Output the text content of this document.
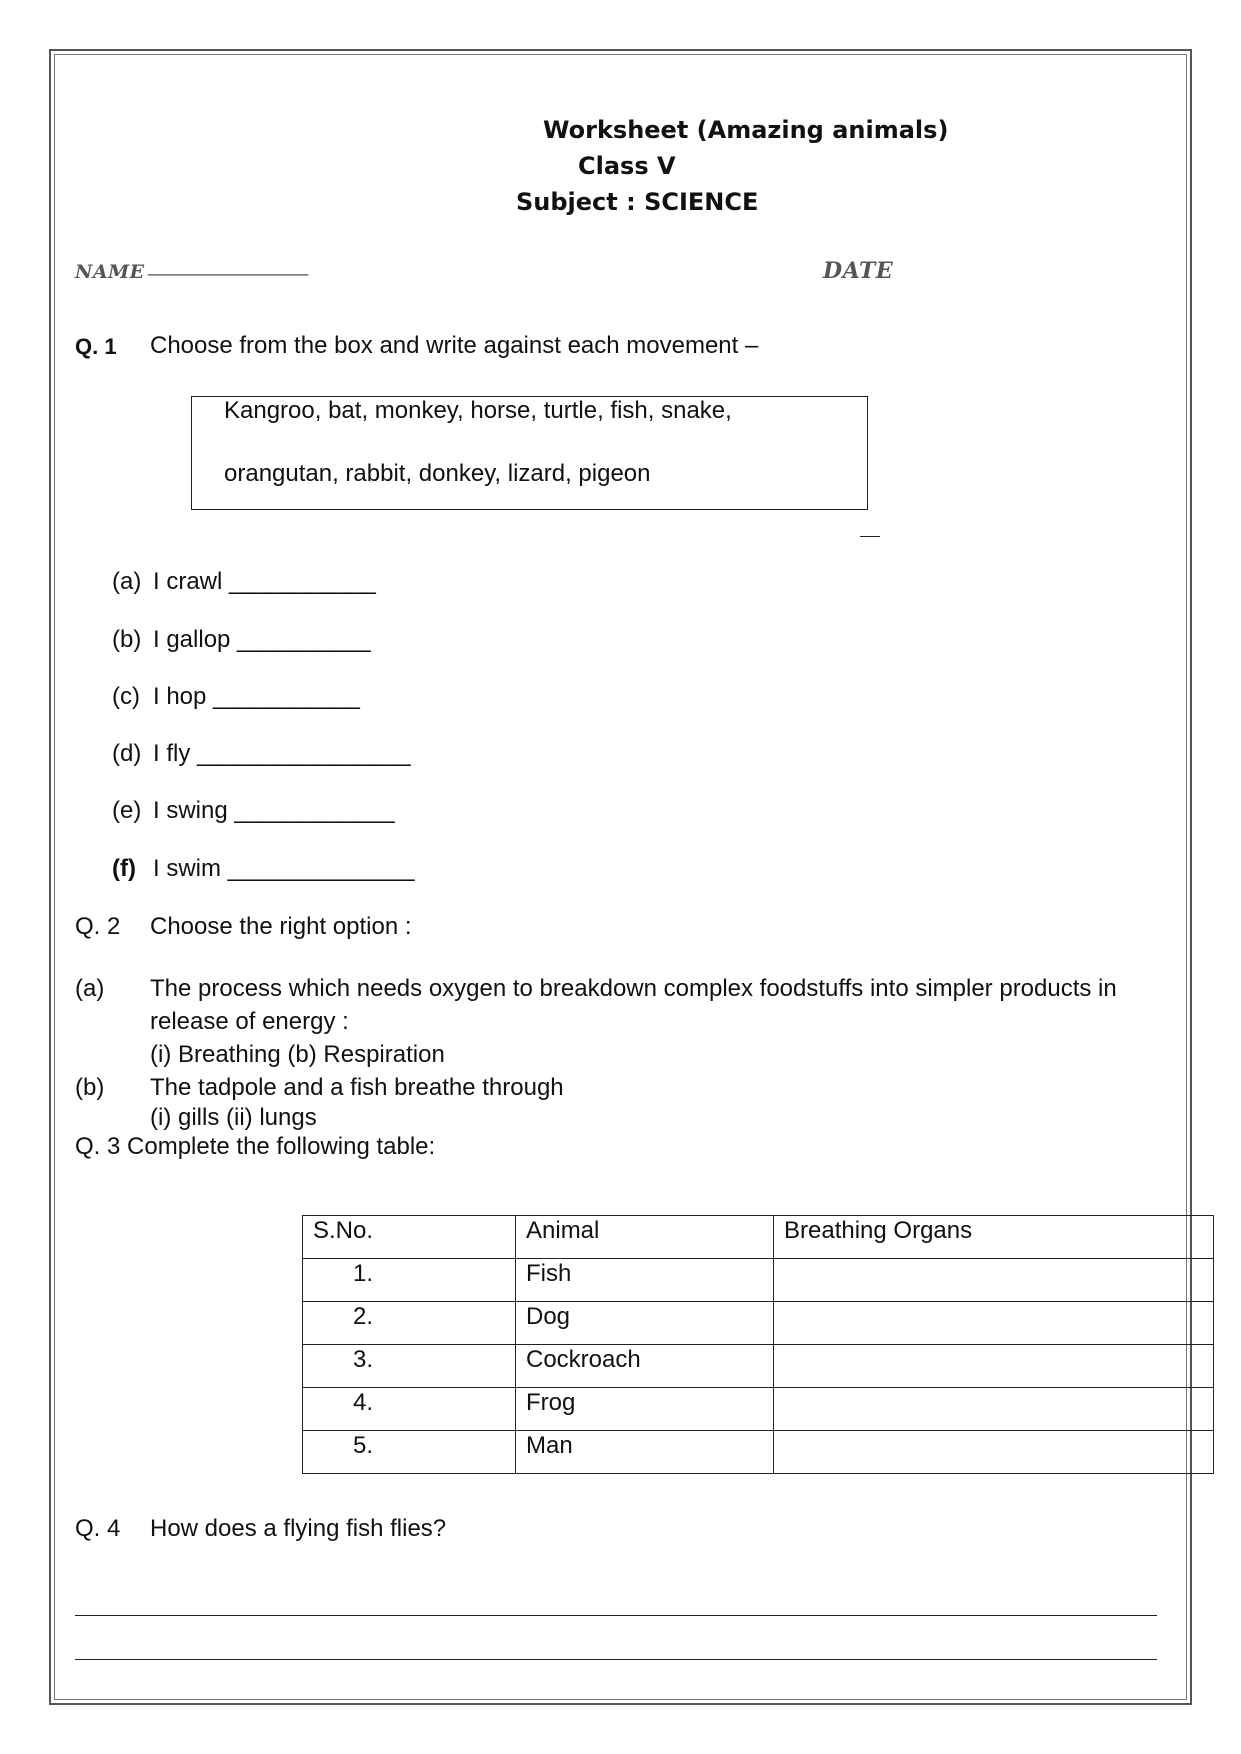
Worksheet (Amazing animals)
Class V
Subject : SCIENCE
NAME ________________	DATE
Q. 1 Choose from the box and write against each movement –
Kangroo, bat, monkey, horse, turtle, fish, snake,
orangutan, rabbit, donkey, lizard, pigeon
(a) I crawl ___________
(b) I gallop __________
(c) I hop ___________
(d) I fly ________________
(e) I swing ____________
(f) I swim ______________
Q. 2 Choose the right option :
(a) The process which needs oxygen to breakdown complex foodstuffs into simpler products in
release of energy :
(i) Breathing (b) Respiration
(b) The tadpole and a fish breathe through
(i) gills (ii) lungs
Q. 3 Complete the following table:
S.No.	Animal	Breathing Organs
1.	Fish	
2.	Dog	
3.	Cockroach	
4.	Frog	
5.	Man	
Q. 4 How does a flying fish flies?
